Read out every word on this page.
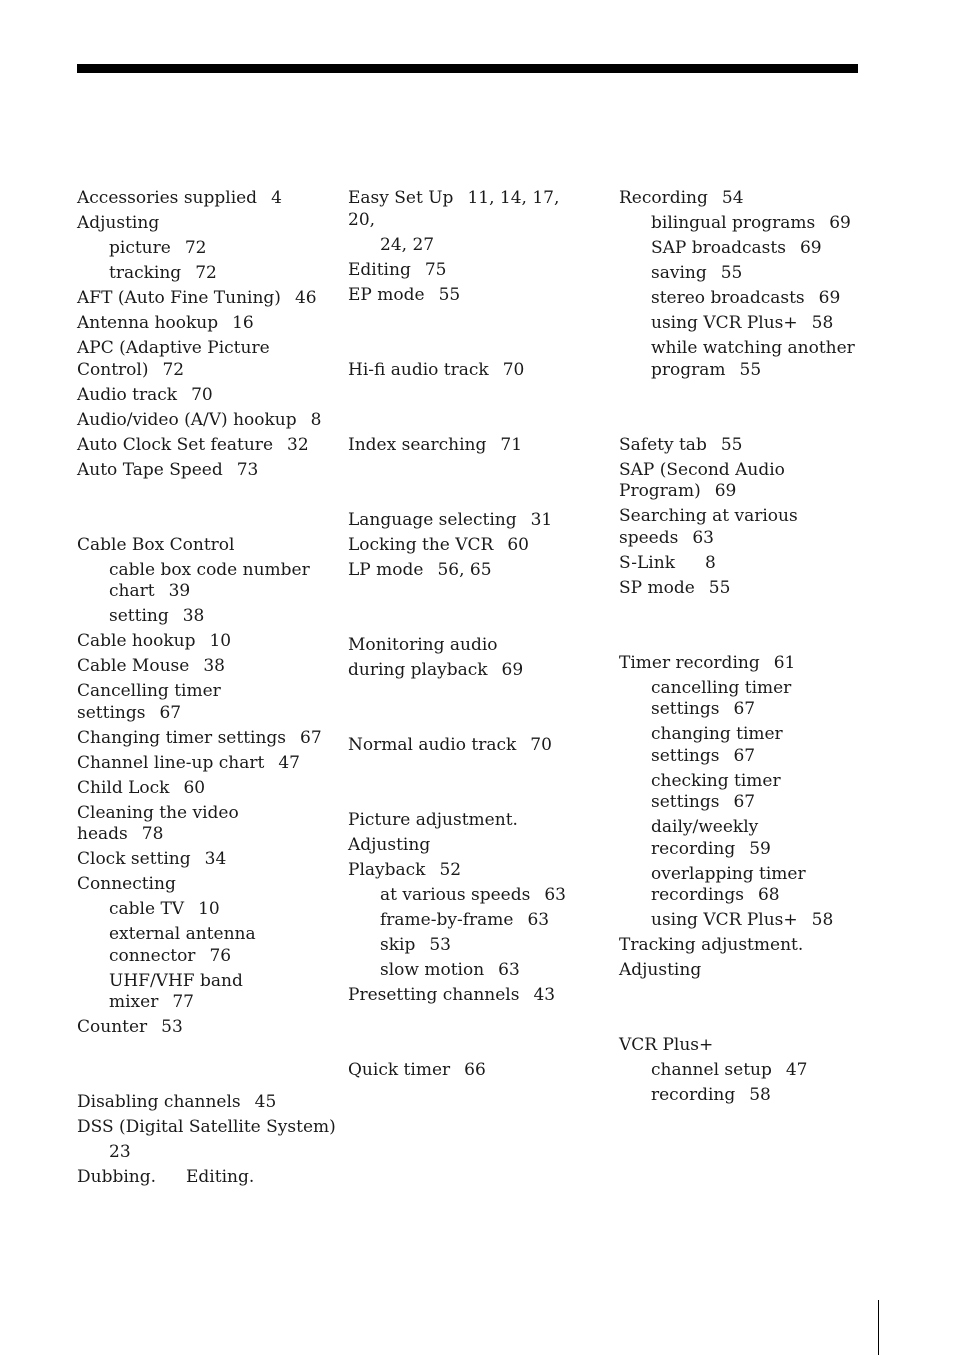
Accessories supplied 4
Adjusting
picture 72
tracking 72
AFT (Auto Fine Tuning) 46
Antenna hookup 16
APC (Adaptive Picture Control) 72
Audio track 70
Audio/video (A/V) hookup 8
Auto Clock Set feature 32
Auto Tape Speed 73
Cable Box Control
cable box code number chart 39
setting 38
Cable hookup 10
Cable Mouse 38
Cancelling timer settings 67
Changing timer settings 67
Channel line-up chart 47
Child Lock 60
Cleaning the video heads 78
Clock setting 34
Connecting
cable TV 10
external antenna connector 76
UHF/VHF band mixer 77
Counter 53
Disabling channels 45
DSS (Digital Satellite System)
23
Dubbing. Editing.
Easy Set Up 11, 14, 17, 20,
24, 27
Editing 75
EP mode 55
Hi-fi audio track 70
Index searching 71
Language selecting 31
Locking the VCR 60
LP mode 56, 65
Monitoring audio
during playback 69
Normal audio track 70
Picture adjustment.
Adjusting
Playback 52
at various speeds 63
frame-by-frame 63
skip 53
slow motion 63
Presetting channels 43
Quick timer 66
Recording 54
bilingual programs 69
SAP broadcasts 69
saving 55
stereo broadcasts 69
using VCR Plus+ 58
while watching another program 55
Safety tab 55
SAP (Second Audio Program) 69
Searching at various speeds 63
S-Link 8
SP mode 55
Timer recording 61
cancelling timer settings 67
changing timer settings 67
checking timer settings 67
daily/weekly recording 59
overlapping timer recordings 68
using VCR Plus+ 58
Tracking adjustment.
Adjusting
VCR Plus+
channel setup 47
recording 58
